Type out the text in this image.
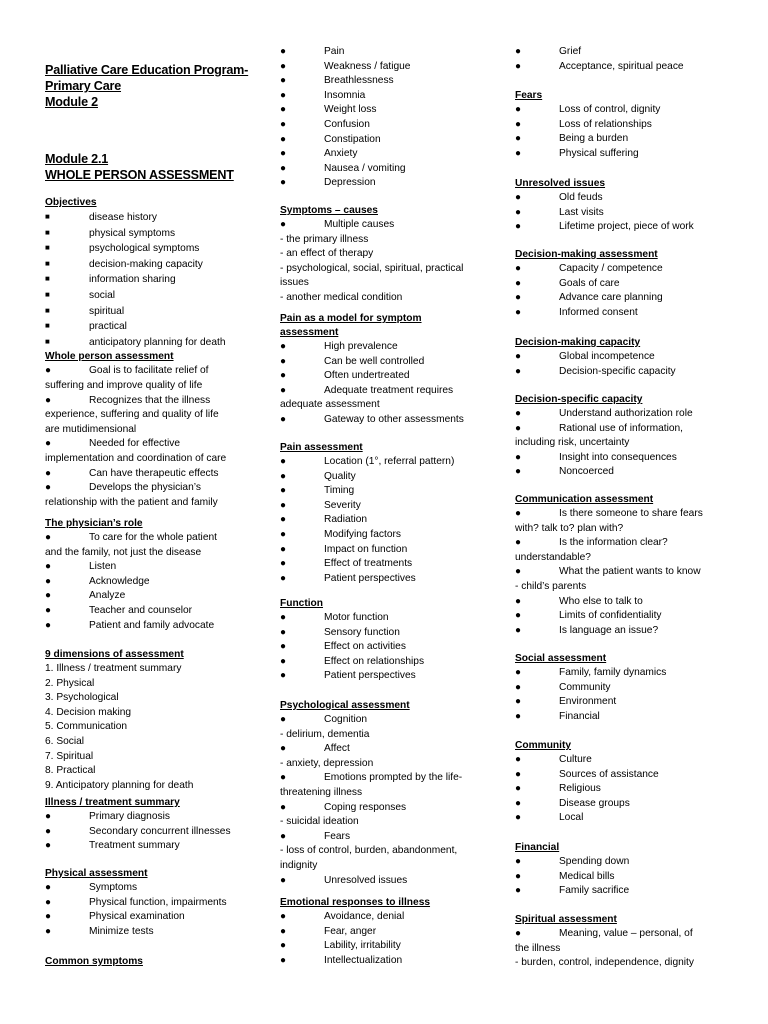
Palliative Care Education Program-
Primary Care
Module 2
Module 2.1
WHOLE PERSON ASSESSMENT
Objectives
■	disease history
■	physical symptoms
■	psychological symptoms
■	decision-making capacity
■	information sharing
■	social
■	spiritual
■	practical
■	anticipatory planning for death
Whole person assessment
●	Goal is to facilitate relief of
suffering and improve quality of life
●	Recognizes that the illness
experience, suffering and quality of life
are mutidimensional
●	Needed for effective
implementation and coordination of care
●	Can have therapeutic effects
●	Develops the physician’s
relationship with the patient and family
The physician’s role
●	To care for the whole patient
and the family, not just the disease
●	Listen
●	Acknowledge
●	Analyze
●	Teacher and counselor
●	Patient and family advocate
9 dimensions of assessment
1. Illness / treatment summary
2. Physical
3. Psychological
4. Decision making
5. Communication
6. Social
7. Spiritual
8. Practical
9. Anticipatory planning for death
Illness / treatment summary
●	Primary diagnosis
●	Secondary concurrent illnesses
●	Treatment summary
Physical assessment
●	Symptoms
●	Physical function, impairments
●	Physical examination
●	Minimize tests
Common symptoms
●	Pain
●	Weakness / fatigue
●	Breathlessness
●	Insomnia
●	Weight loss
●	Confusion
●	Constipation
●	Anxiety
●	Nausea / vomiting
●	Depression
Symptoms – causes
●	Multiple causes
- the primary illness
- an effect of therapy
- psychological, social, spiritual, practical
issues
- another medical condition
Pain as a model for symptom
assessment
●	High prevalence
●	Can be well controlled
●	Often undertreated
●	Adequate treatment requires
adequate assessment
●	Gateway to other assessments
Pain assessment
●	Location (1°, referral pattern)
●	Quality
●	Timing
●	Severity
●	Radiation
●	Modifying factors
●	Impact on function
●	Effect of treatments
●	Patient perspectives
Function
●	Motor function
●	Sensory function
●	Effect on activities
●	Effect on relationships
●	Patient perspectives
Psychological assessment
●	Cognition
- delirium, dementia
●	Affect
- anxiety, depression
●	Emotions prompted by the life-
threatening illness
●	Coping responses
- suicidal ideation
●	Fears
- loss of control, burden, abandonment,
indignity
●	Unresolved issues
Emotional responses to illness
●	Avoidance, denial
●	Fear, anger
●	Lability, irritability
●	Intellectualization
●	Grief
●	Acceptance, spiritual peace
Fears
●	Loss of control, dignity
●	Loss of relationships
●	Being a burden
●	Physical suffering
Unresolved issues
●	Old feuds
●	Last visits
●	Lifetime project, piece of work
Decision-making assessment
●	Capacity / competence
●	Goals of care
●	Advance care planning
●	Informed consent
Decision-making capacity
●	Global incompetence
●	Decision-specific capacity
Decision-specific capacity
●	Understand authorization role
●	Rational use of information,
including risk, uncertainty
●	Insight into consequences
●	Noncoerced
Communication assessment
●	Is there someone to share fears
with? talk to? plan with?
●	Is the information clear?
understandable?
●	What the patient wants to know
- child’s parents
●	Who else to talk to
●	Limits of confidentiality
●	Is language an issue?
Social assessment
●	Family, family dynamics
●	Community
●	Environment
●	Financial
Community
●	Culture
●	Sources of assistance
●	Religious
●	Disease groups
●	Local
Financial
●	Spending down
●	Medical bills
●	Family sacrifice
Spiritual assessment
●	Meaning, value – personal, of
the illness
- burden, control, independence, dignity
